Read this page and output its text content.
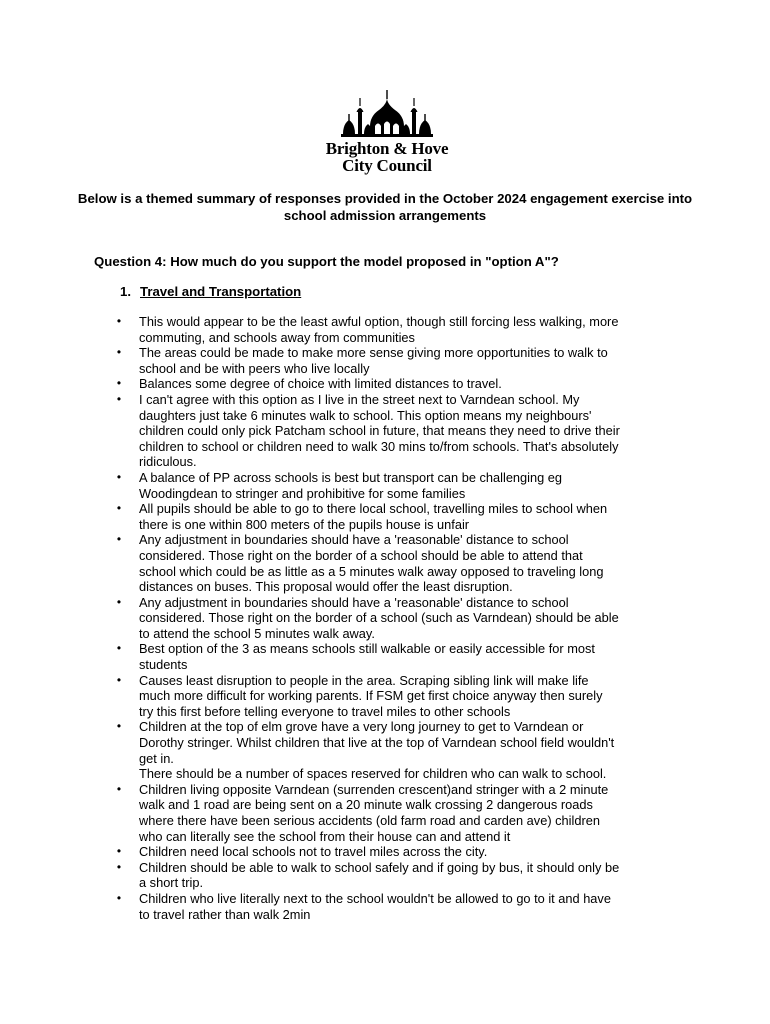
Brighton & Hove
City Council
Below is a themed summary of responses provided in the October 2024 engagement exercise into school admission arrangements
Question 4: How much do you support the model proposed in "option A"?
1. Travel and Transportation
• This would appear to be the least awful option, though still forcing less walking, more
commuting, and schools away from communities
• The areas could be made to make more sense giving more opportunities to walk to
school and be with peers who live locally
• Balances some degree of choice with limited distances to travel.
• I can't agree with this option as I live in the street next to Varndean school. My
daughters just take 6 minutes walk to school. This option means my neighbours'
children could only pick Patcham school in future, that means they need to drive their
children to school or children need to walk 30 mins to/from schools. That's absolutely
ridiculous.
• A balance of PP across schools is best but transport can be challenging eg
Woodingdean to stringer and prohibitive for some families
• All pupils should be able to go to there local school, travelling miles to school when
there is one within 800 meters of the pupils house is unfair
• Any adjustment in boundaries should have a 'reasonable' distance to school
considered. Those right on the border of a school should be able to attend that
school which could be as little as a 5 minutes walk away opposed to traveling long
distances on buses. This proposal would offer the least disruption.
• Any adjustment in boundaries should have a 'reasonable' distance to school
considered. Those right on the border of a school (such as Varndean) should be able
to attend the school 5 minutes walk away.
• Best option of the 3 as means schools still walkable or easily accessible for most
students
• Causes least disruption to people in the area. Scraping sibling link will make life
much more difficult for working parents. If FSM get first choice anyway then surely
try this first before telling everyone to travel miles to other schools
• Children at the top of elm grove have a very long journey to get to Varndean or
Dorothy stringer. Whilst children that live at the top of Varndean school field wouldn't
get in.
There should be a number of spaces reserved for children who can walk to school.
• Children living opposite Varndean (surrenden crescent)and stringer with a 2 minute
walk and 1 road are being sent on a 20 minute walk crossing 2 dangerous roads
where there have been serious accidents (old farm road and carden ave) children
who can literally see the school from their house can and attend it
• Children need local schools not to travel miles across the city.
• Children should be able to walk to school safely and if going by bus, it should only be
a short trip.
• Children who live literally next to the school wouldn't be allowed to go to it and have
to travel rather than walk 2min
